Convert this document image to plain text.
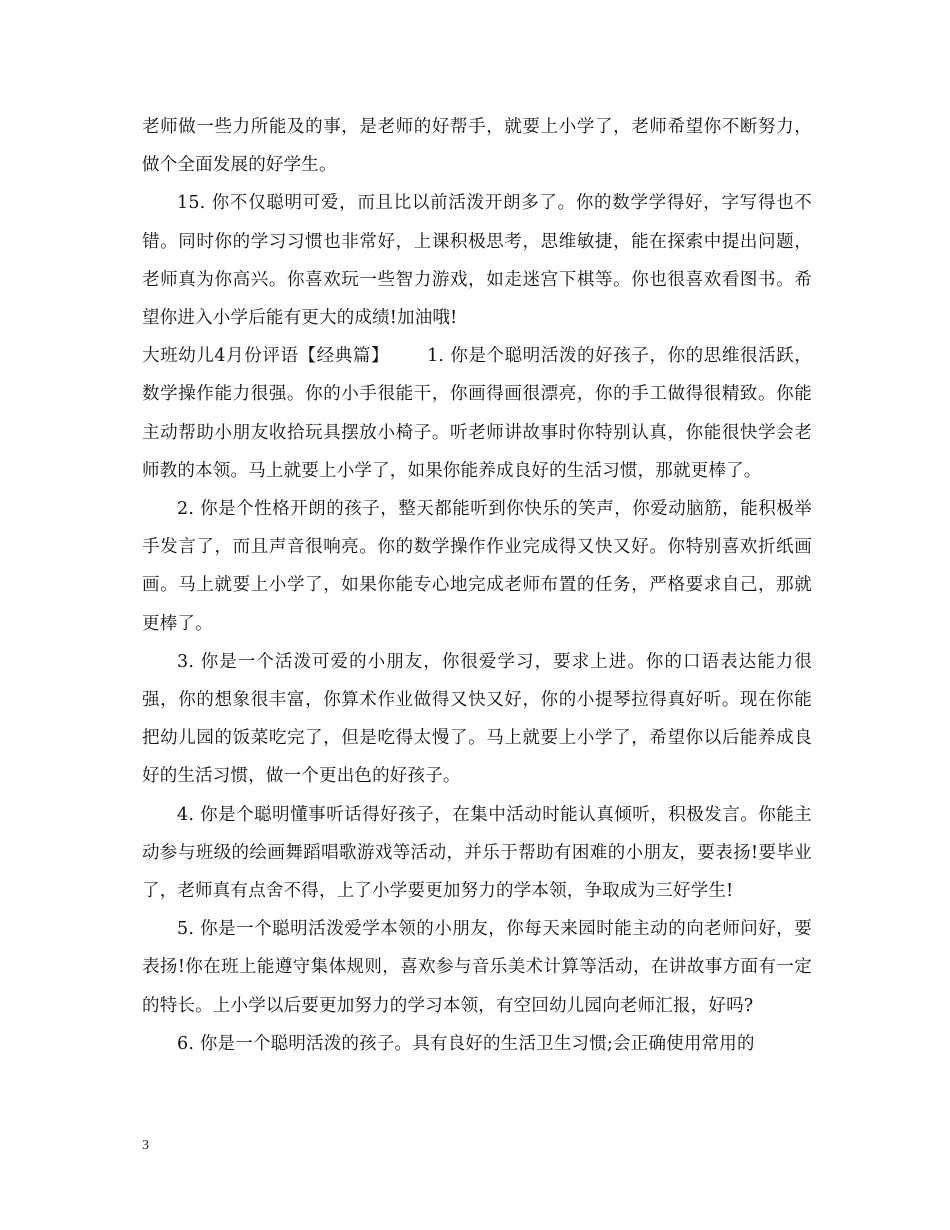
老师做一些力所能及的事，是老师的好帮手，就要上小学了，老师希望你不断努力，做个全面发展的好学生。

15. 你不仅聪明可爱，而且比以前活泼开朗多了。你的数学学得好，字写得也不错。同时你的学习习惯也非常好，上课积极思考，思维敏捷，能在探索中提出问题，老师真为你高兴。你喜欢玩一些智力游戏，如走迷宫下棋等。你也很喜欢看图书。希望你进入小学后能有更大的成绩!加油哦!

大班幼儿4月份评语【经典篇】 1. 你是个聪明活泼的好孩子，你的思维很活跃，数学操作能力很强。你的小手很能干，你画得画很漂亮，你的手工做得很精致。你能主动帮助小朋友收拾玩具摆放小椅子。听老师讲故事时你特别认真，你能很快学会老师教的本领。马上就要上小学了，如果你能养成良好的生活习惯，那就更棒了。

2. 你是个性格开朗的孩子，整天都能听到你快乐的笑声，你爱动脑筋，能积极举手发言了，而且声音很响亮。你的数学操作作业完成得又快又好。你特别喜欢折纸画画。马上就要上小学了，如果你能专心地完成老师布置的任务，严格要求自己，那就更棒了。

3. 你是一个活泼可爱的小朋友，你很爱学习，要求上进。你的口语表达能力很强，你的想象很丰富，你算术作业做得又快又好，你的小提琴拉得真好听。现在你能把幼儿园的饭菜吃完了，但是吃得太慢了。马上就要上小学了，希望你以后能养成良好的生活习惯，做一个更出色的好孩子。

4. 你是个聪明懂事听话得好孩子，在集中活动时能认真倾听，积极发言。你能主动参与班级的绘画舞蹈唱歌游戏等活动，并乐于帮助有困难的小朋友，要表扬!要毕业了，老师真有点舍不得，上了小学要更加努力的学本领，争取成为三好学生!

5. 你是一个聪明活泼爱学本领的小朋友，你每天来园时能主动的向老师问好，要表扬!你在班上能遵守集体规则，喜欢参与音乐美术计算等活动，在讲故事方面有一定的特长。上小学以后要更加努力的学习本领，有空回幼儿园向老师汇报，好吗?

6. 你是一个聪明活泼的孩子。具有良好的生活卫生习惯;会正确使用常用的

3
